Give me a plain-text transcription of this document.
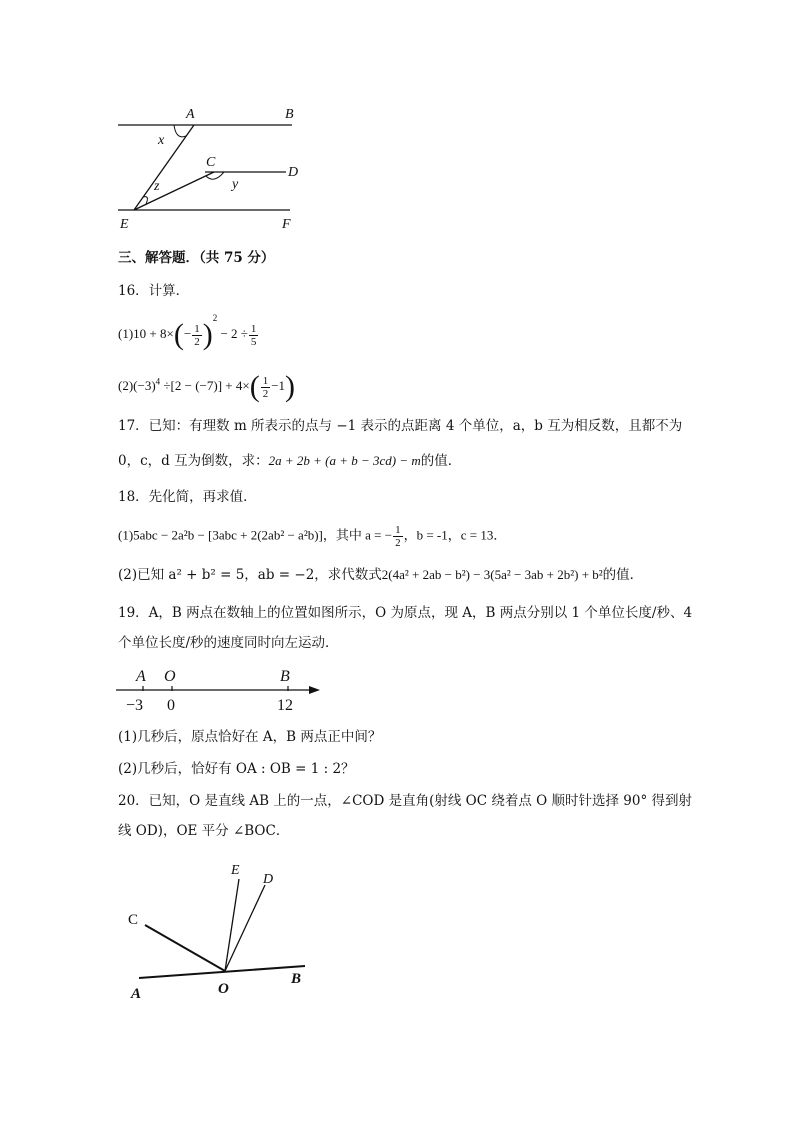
A	B
C
D
E	F
x
y
z
三、解答题．（共 75 分）
16．计算．
$(1)10 + 8\times(- \frac{1}{2} )^2 - 2 \div \frac{1}{5}$
$(2)(-3)^4 \div[2 - (-7)] + 4\times( \frac{1}{2} -1)$
17．已知：有理数 m 所表示的点与 −1 表示的点距离 4 个单位，a，b 互为相反数，且都不为
0，c，d 互为倒数，求：2a + 2b + (a + b − 3cd) − m的值．
18．先化简，再求值．
(1)5abc − 2a²b − [3abc + 2(2ab² − a²b)]，其中 a = − $\frac{1}{2}$ ，b = -1，c = 13．
(2)已知 a² + b² = 5，ab = −2，求代数式2(4a² + 2ab − b²) − 3(5a² − 3ab + 2b²) + b²的值．
19．A，B 两点在数轴上的位置如图所示，O 为原点，现 A，B 两点分别以 1 个单位长度/秒、4
个单位长度/秒的速度同时向左运动．
A O	B
−3 0	12
(1)几秒后，原点恰好在 A，B 两点正中间？
(2)几秒后，恰好有 OA : OB = 1 : 2？
20．已知，O 是直线 AB 上的一点，∠COD 是直角(射线 OC 绕着点 O 顺时针选择 90° 得到射
线 OD)，OE 平分 ∠BOC．
A
B
C
D
E
O
